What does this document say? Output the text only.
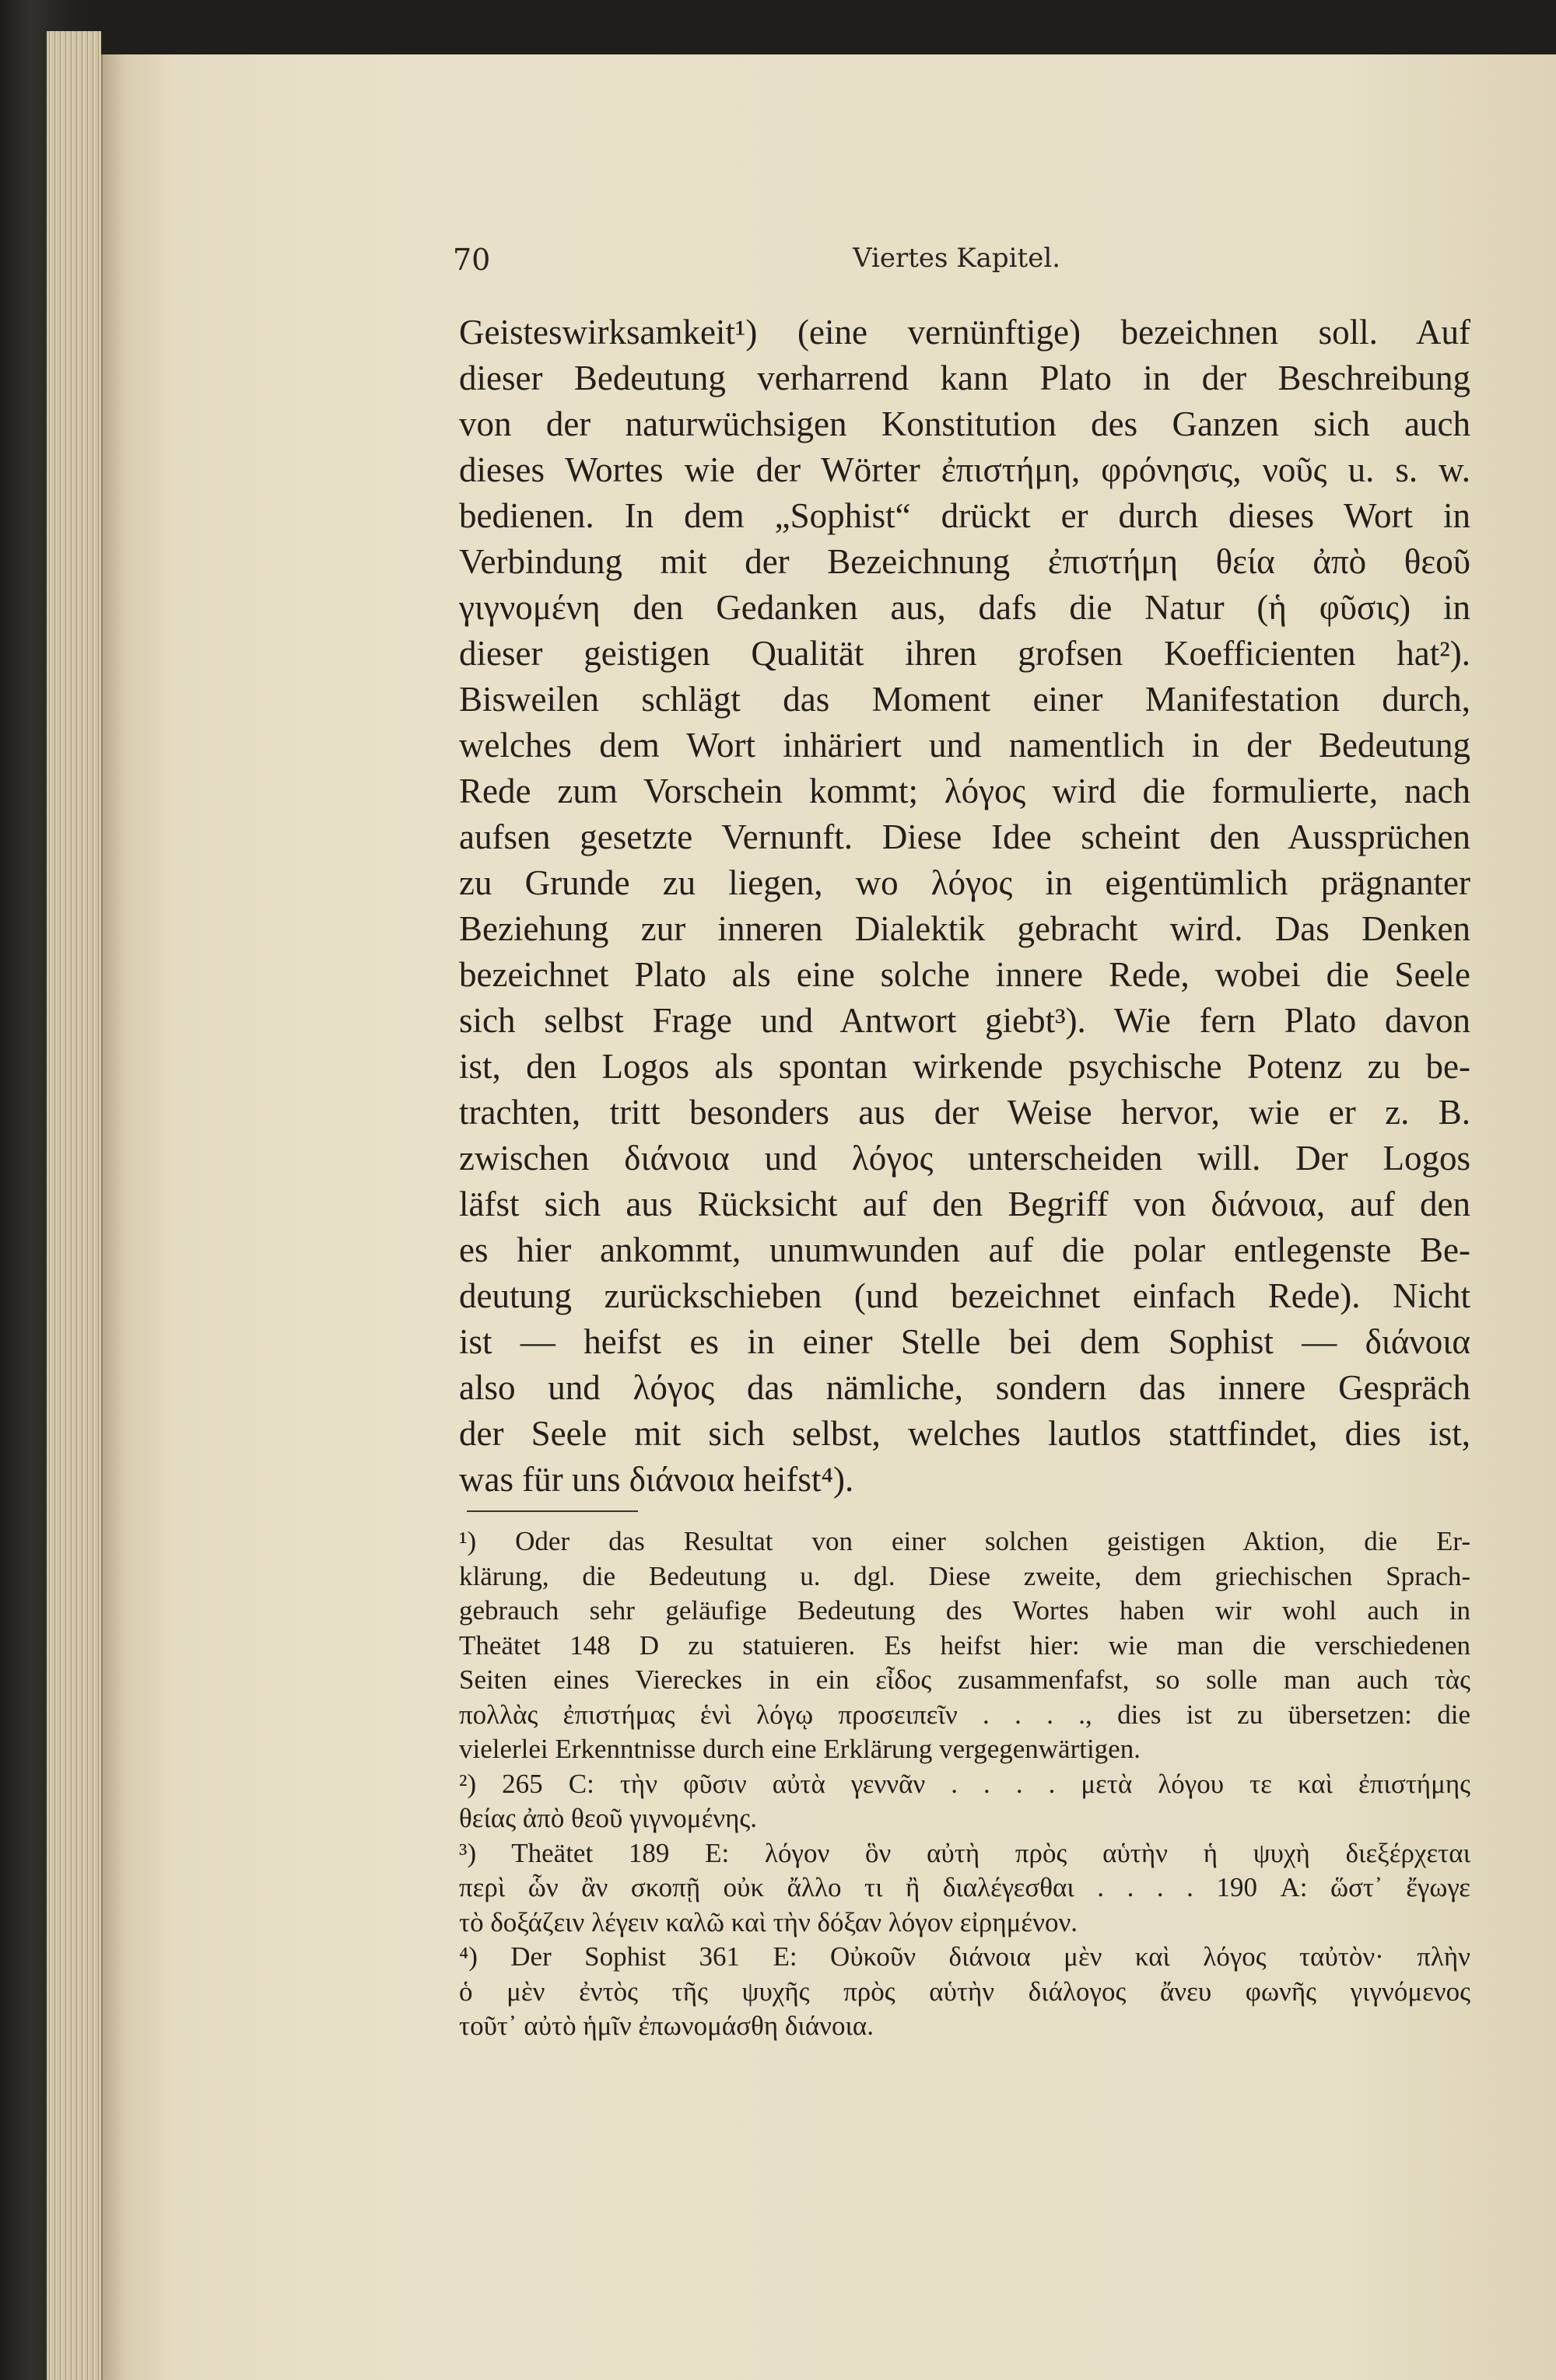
70	Viertes Kapitel.
Geisteswirksamkeit¹) (eine vernünftige) bezeichnen soll. Auf
dieser Bedeutung verharrend kann Plato in der Beschreibung
von der naturwüchsigen Konstitution des Ganzen sich auch
dieses Wortes wie der Wörter ἐπιστήμη, φρόνησις, νοῦς u. s. w.
bedienen. In dem „Sophist“ drückt er durch dieses Wort in
Verbindung mit der Bezeichnung ἐπιστήμη θεία ἀπὸ θεοῦ
γιγνομένη den Gedanken aus, dafs die Natur (ἡ φῦσις) in
dieser geistigen Qualität ihren grofsen Koefficienten hat²).
Bisweilen schlägt das Moment einer Manifestation durch,
welches dem Wort inhäriert und namentlich in der Bedeutung
Rede zum Vorschein kommt; λόγος wird die formulierte, nach
aufsen gesetzte Vernunft. Diese Idee scheint den Aussprüchen
zu Grunde zu liegen, wo λόγος in eigentümlich prägnanter
Beziehung zur inneren Dialektik gebracht wird. Das Denken
bezeichnet Plato als eine solche innere Rede, wobei die Seele
sich selbst Frage und Antwort giebt³). Wie fern Plato davon
ist, den Logos als spontan wirkende psychische Potenz zu be-
trachten, tritt besonders aus der Weise hervor, wie er z. B.
zwischen διάνοια und λόγος unterscheiden will. Der Logos
läfst sich aus Rücksicht auf den Begriff von διάνοια, auf den
es hier ankommt, unumwunden auf die polar entlegenste Be-
deutung zurückschieben (und bezeichnet einfach Rede). Nicht
ist — heifst es in einer Stelle bei dem Sophist — διάνοια
also und λόγος das nämliche, sondern das innere Gespräch
der Seele mit sich selbst, welches lautlos stattfindet, dies ist,
was für uns διάνοια heifst⁴).
¹) Oder das Resultat von einer solchen geistigen Aktion, die Er-
klärung, die Bedeutung u. dgl. Diese zweite, dem griechischen Sprach-
gebrauch sehr geläufige Bedeutung des Wortes haben wir wohl auch in
Theätet 148 D zu statuieren. Es heifst hier: wie man die verschiedenen
Seiten eines Viereckes in ein εἶδος zusammenfafst, so solle man auch τὰς
πολλὰς ἐπιστήμας ἑνὶ λόγῳ προσειπεῖν . . . ., dies ist zu übersetzen: die
vielerlei Erkenntnisse durch eine Erklärung vergegenwärtigen.
²) 265 C: τὴν φῦσιν αὐτὰ γεννᾶν . . . . μετὰ λόγου τε καὶ ἐπιστήμης
θείας ἀπὸ θεοῦ γιγνομένης.
³) Theätet 189 E: λόγον ὃν αὐτὴ πρὸς αὑτὴν ἡ ψυχὴ διεξέρχεται
περὶ ὧν ἂν σκοπῇ οὐκ ἄλλο τι ἢ διαλέγεσθαι . . . . 190 A: ὥστ᾽ ἔγωγε
τὸ δοξάζειν λέγειν καλῶ καὶ τὴν δόξαν λόγον εἰρημένον.
⁴) Der Sophist 361 E: Οὐκοῦν διάνοια μὲν καὶ λόγος ταὐτὸν· πλὴν
ὁ μὲν ἐντὸς τῆς ψυχῆς πρὸς αὑτὴν διάλογος ἄνευ φωνῆς γιγνόμενος
τοῦτ᾽ αὐτὸ ἡμῖν ἐπωνομάσθη διάνοια.
